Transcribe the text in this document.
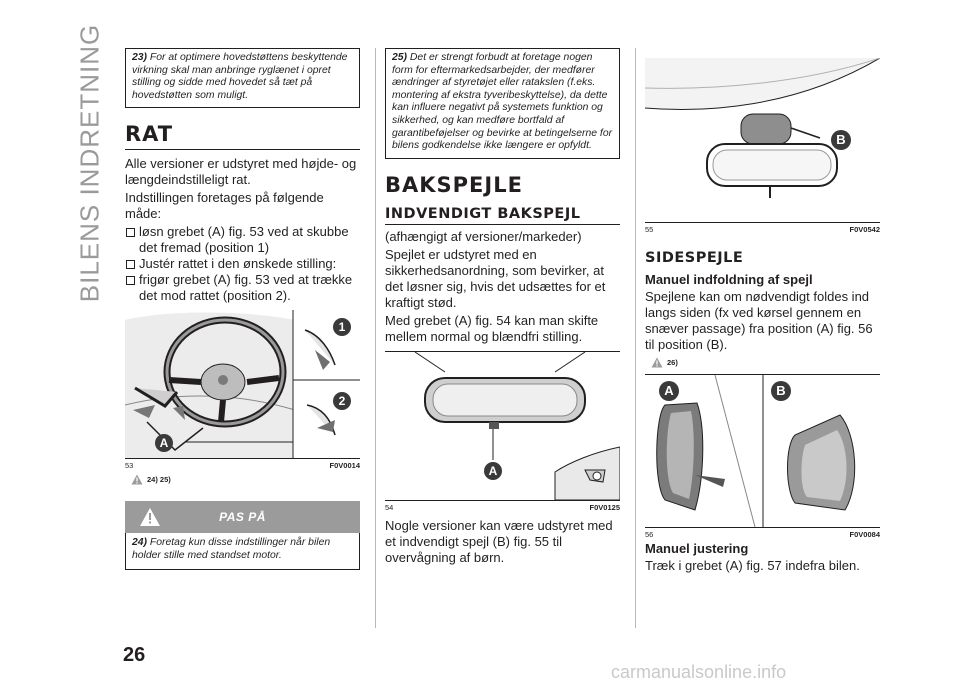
BILENS INDRETNING	23) For at optimere hovedstøttens beskyttende virkning skal man anbringe ryglænet i opret stilling og sidde med hovedet så tæt på hovedstøtten som muligt.
RAT

Alle versioner er udstyret med højde- og længdeindstilleligt rat.

Indstillingen foretages på følgende måde:

løsn grebet (A) fig. 53 ved at skubbe det fremad (position 1)
Justér rattet i den ønskede stilling:
frigør grebet (A) fig. 53 ved at trække det mod rattet (position 2).
1
2
A
53	F0V0014
24) 25)
PAS PÅ
24) Foretag kun disse indstillinger når bilen holder stille med standset motor.
25) Det er strengt forbudt at foretage nogen form for eftermarkedsarbejder, der medfører ændringer af styretøjet eller ratakslen (f.eks. montering af ekstra tyveribeskyttelse), da dette kan influere negativt på systemets funktion og sikkerhed, og kan medføre bortfald af garantibeføjelser og bevirke at betingelserne for bilens godkendelse ikke længere er opfyldt.
BAKSPEJLE
INDVENDIGT BAKSPEJL

(afhængigt af versioner/markeder)

Spejlet er udstyret med en sikkerhedsanordning, som bevirker, at det løsner sig, hvis det udsættes for et kraftigt stød.

Med grebet (A) fig. 54 kan man skifte mellem normal og blændfri stilling.

A
54	F0V0125

Nogle versioner kan være udstyret med et indvendigt spejl (B) fig. 55 til overvågning af børn.

B
55	F0V0542
SIDESPEJLE
Manuel indfoldning af spejl

Spejlene kan om nødvendigt foldes ind langs siden (fx ved kørsel gennem en snæver passage) fra position (A) fig. 56 til position (B).

26)
A	B
56	F0V0084
Manuel justering

Træk i grebet (A) fig. 57 indefra bilen.

26
carmanualsonline.info
